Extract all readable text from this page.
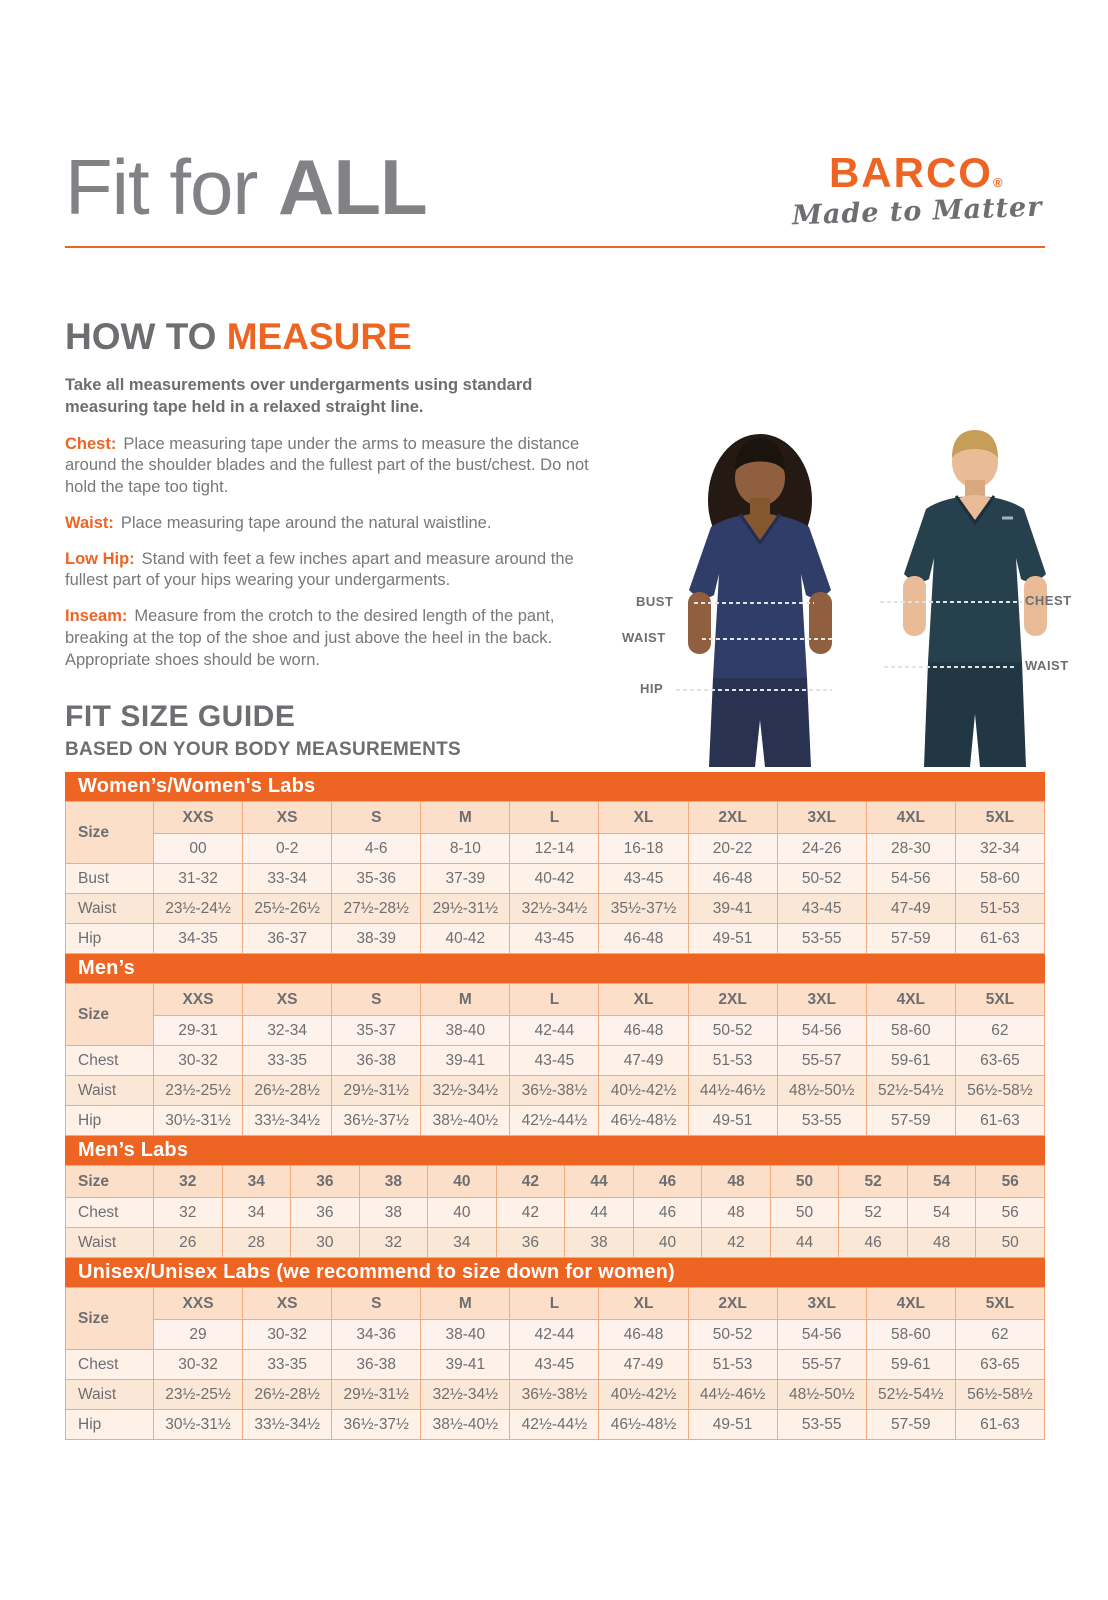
Fit for ALL	BARCO®
Made to Matter
HOW TO MEASURE

Take all measurements over undergarments using standard measuring tape held in a relaxed straight line.

Chest: Place measuring tape under the arms to measure the distance around the shoulder blades and the fullest part of the bust/chest. Do not hold the tape too tight.

Waist: Place measuring tape around the natural waistline.

Low Hip: Stand with feet a few inches apart and measure around the fullest part of your hips wearing your undergarments.

Inseam: Measure from the crotch to the desired length of the pant, breaking at the top of the shoe and just above the heel in the back. Appropriate shoes should be worn.

BUST
WAIST
HIP
CHEST
WAIST
FIT SIZE GUIDE
BASED ON YOUR BODY MEASUREMENTS
Women’s/Women's Labs
Size	XXS	XS	S	M	L	XL	2XL	3XL	4XL	5XL
	00	0-2	4-6	8-10	12-14	16-18	20-22	24-26	28-30	32-34
Bust	31-32	33-34	35-36	37-39	40-42	43-45	46-48	50-52	54-56	58-60
Waist	23½-24½	25½-26½	27½-28½	29½-31½	32½-34½	35½-37½	39-41	43-45	47-49	51-53
Hip	34-35	36-37	38-39	40-42	43-45	46-48	49-51	53-55	57-59	61-63
Men’s
Size	XXS	XS	S	M	L	XL	2XL	3XL	4XL	5XL
	29-31	32-34	35-37	38-40	42-44	46-48	50-52	54-56	58-60	62
Chest	30-32	33-35	36-38	39-41	43-45	47-49	51-53	55-57	59-61	63-65
Waist	23½-25½	26½-28½	29½-31½	32½-34½	36½-38½	40½-42½	44½-46½	48½-50½	52½-54½	56½-58½
Hip	30½-31½	33½-34½	36½-37½	38½-40½	42½-44½	46½-48½	49-51	53-55	57-59	61-63
Men’s Labs
Size	32	34	36	38	40	42	44	46	48	50	52	54	56
Chest	32	34	36	38	40	42	44	46	48	50	52	54	56
Waist	26	28	30	32	34	36	38	40	42	44	46	48	50
Unisex/Unisex Labs (we recommend to size down for women)
Size	XXS	XS	S	M	L	XL	2XL	3XL	4XL	5XL
	29	30-32	34-36	38-40	42-44	46-48	50-52	54-56	58-60	62
Chest	30-32	33-35	36-38	39-41	43-45	47-49	51-53	55-57	59-61	63-65
Waist	23½-25½	26½-28½	29½-31½	32½-34½	36½-38½	40½-42½	44½-46½	48½-50½	52½-54½	56½-58½
Hip	30½-31½	33½-34½	36½-37½	38½-40½	42½-44½	46½-48½	49-51	53-55	57-59	61-63
